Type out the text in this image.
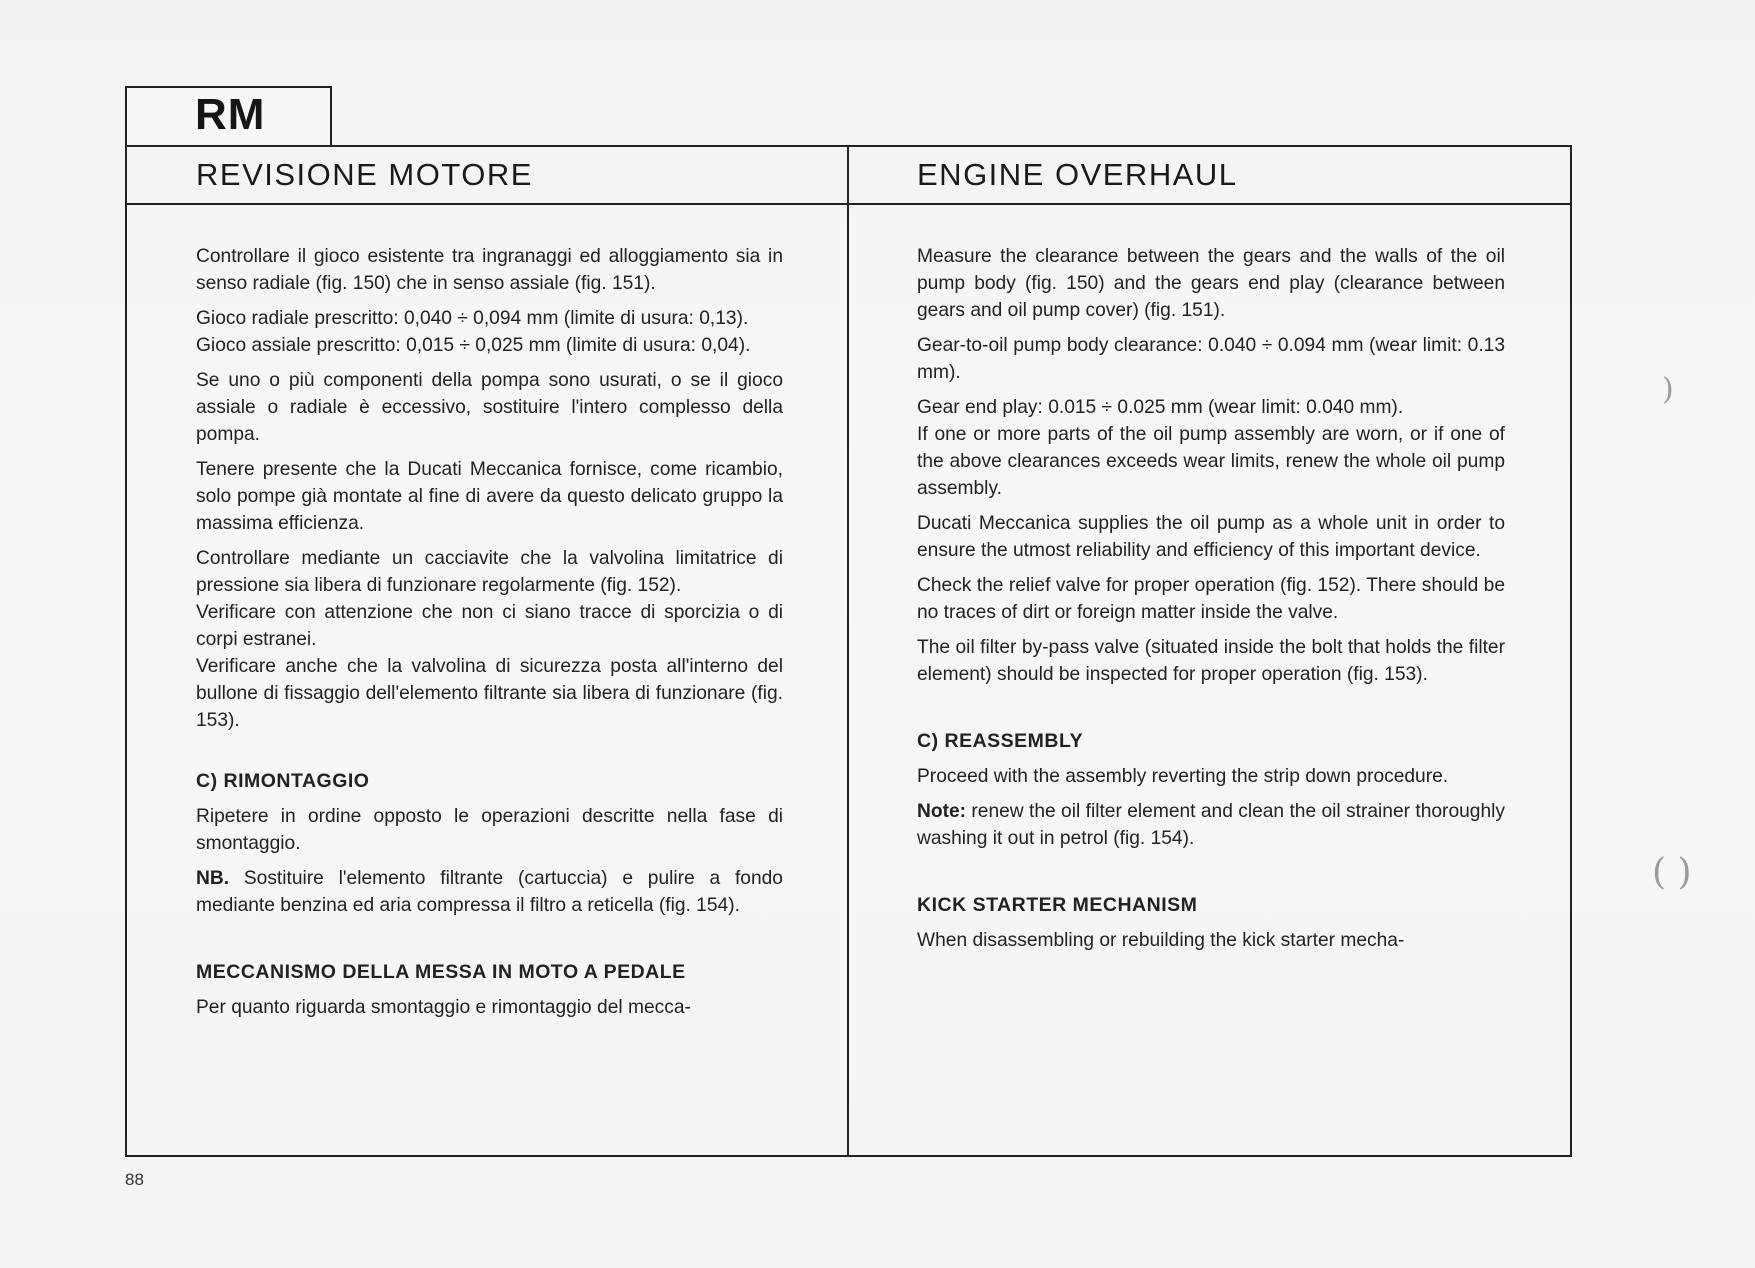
RM
REVISIONE MOTORE	ENGINE OVERHAUL

Controllare il gioco esistente tra ingranaggi ed alloggiamento sia in senso radiale (fig. 150) che in senso assiale (fig. 151).

Gioco radiale prescritto: 0,040 ÷ 0,094 mm (limite di usura: 0,13).

Gioco assiale prescritto: 0,015 ÷ 0,025 mm (limite di usura: 0,04).

Se uno o più componenti della pompa sono usurati, o se il gioco assiale o radiale è eccessivo, sostituire l'intero complesso della pompa.

Tenere presente che la Ducati Meccanica fornisce, come ricambio, solo pompe già montate al fine di avere da questo delicato gruppo la massima efficienza.

Controllare mediante un cacciavite che la valvolina limitatrice di pressione sia libera di funzionare regolarmente (fig. 152).

Verificare con attenzione che non ci siano tracce di sporcizia o di corpi estranei.

Verificare anche che la valvolina di sicurezza posta all'interno del bullone di fissaggio dell'elemento filtrante sia libera di funzionare (fig. 153).

C) RIMONTAGGIO

Ripetere in ordine opposto le operazioni descritte nella fase di smontaggio.

NB. Sostituire l'elemento filtrante (cartuccia) e pulire a fondo mediante benzina ed aria compressa il filtro a reticella (fig. 154).

MECCANISMO DELLA MESSA IN MOTO A PEDALE

Per quanto riguarda smontaggio e rimontaggio del mecca-

Measure the clearance between the gears and the walls of the oil pump body (fig. 150) and the gears end play (clearance between gears and oil pump cover) (fig. 151).

Gear-to-oil pump body clearance: 0.040 ÷ 0.094 mm (wear limit: 0.13 mm).

Gear end play: 0.015 ÷ 0.025 mm (wear limit: 0.040 mm).

If one or more parts of the oil pump assembly are worn, or if one of the above clearances exceeds wear limits, renew the whole oil pump assembly.

Ducati Meccanica supplies the oil pump as a whole unit in order to ensure the utmost reliability and efficiency of this important device.

Check the relief valve for proper operation (fig. 152). There should be no traces of dirt or foreign matter inside the valve.

The oil filter by-pass valve (situated inside the bolt that holds the filter element) should be inspected for proper operation (fig. 153).

C) REASSEMBLY

Proceed with the assembly reverting the strip down procedure.

Note: renew the oil filter element and clean the oil strainer thoroughly washing it out in petrol (fig. 154).

KICK STARTER MECHANISM

When disassembling or rebuilding the kick starter mecha-

88
)
( )
